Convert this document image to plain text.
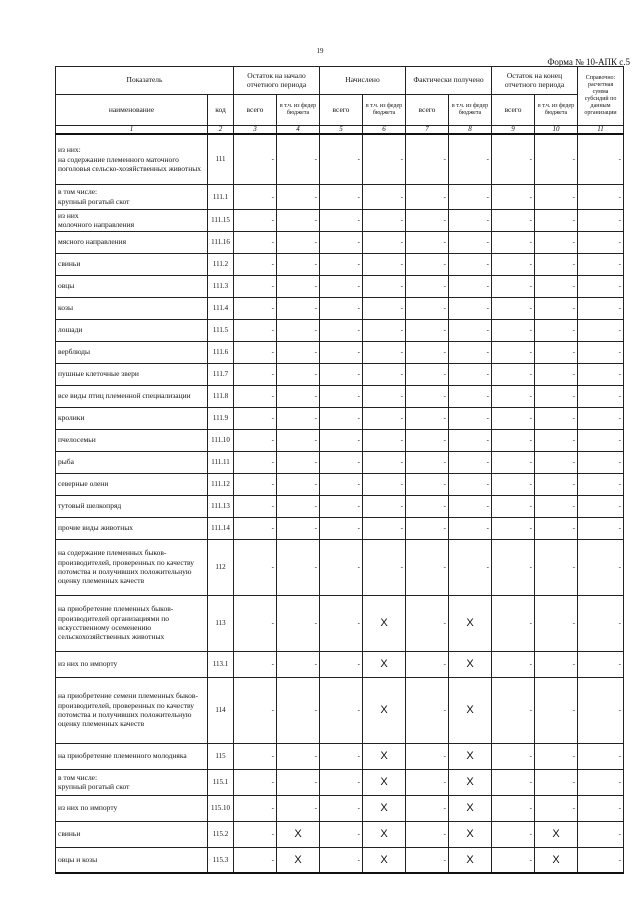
19
Форма № 10-АПК с.5
Показатель		Остаток на начало отчетного периода		Начислено		Фактически получено		Остаток на конец отчетного периода		Справочно: расчетная сумма субсидий по данным организации
наименование	код	всего	в т.ч. из федер бюджета	всего	в т.ч. из федер бюджета	всего	в т.ч. из федер бюджета	всего	в т.ч. из федер бюджета	
1	2	3	4	5	6	7	8	9	10	11
из них:
на содержание племенного маточного поголовья сельско-хозяйственных животных	111	-	-	-	-	-	-	-	-	-
в том числе:
крупный рогатый скот	111.1	-	-	-	-	-	-	-	-	-
из них
молочного направления	111.15	-	-	-	-	-	-	-	-	-
мясного направления	111.16	-	-	-	-	-	-	-	-	-
свиньи	111.2	-	-	-	-	-	-	-	-	-
овцы	111.3	-	-	-	-	-	-	-	-	-
козы	111.4	-	-	-	-	-	-	-	-	-
лошади	111.5	-	-	-	-	-	-	-	-	-
верблюды	111.6	-	-	-	-	-	-	-	-	-
пушные клеточные звери	111.7	-	-	-	-	-	-	-	-	-
все виды птиц племенной специализации	111.8	-	-	-	-	-	-	-	-	-
кролики	111.9	-	-	-	-	-	-	-	-	-
пчелосемьи	111.10	-	-	-	-	-	-	-	-	-
рыба	111.11	-	-	-	-	-	-	-	-	-
северные олени	111.12	-	-	-	-	-	-	-	-	-
тутовый шелкопряд	111.13	-	-	-	-	-	-	-	-	-
прочие виды животных	111.14	-	-	-	-	-	-	-	-	-
на содержание племенных быков-производителей, проверенных по качеству потомства и получивших положительную оценку племенных качеств	112	-	-	-	-	-	-	-	-	-
на приобретение племенных быков-производителей организациями по искусственному осеменению сельскохозяйственных животных	113	-	-	-	X	-	X	-	-	-
из них по импорту	113.1	-	-	-	X	-	X	-	-	-
на приобретение семени племенных быков- производителей, проверенных по качеству потомства и получивших положительную оценку племенных качеств	114	-	-	-	X	-	X	-	-	-
на приобретение племенного молодняка	115	-	-	-	X	-	X	-	-	-
в том числе:
крупный рогатый скот	115.1	-	-	-	X	-	X	-	-	-
из них по импорту	115.10	-	-	-	X	-	X	-	-	-
свиньи	115.2	-	X	-	X	-	X	-	X	-
овцы и козы	115.3	-	X	-	X	-	X	-	X	-
